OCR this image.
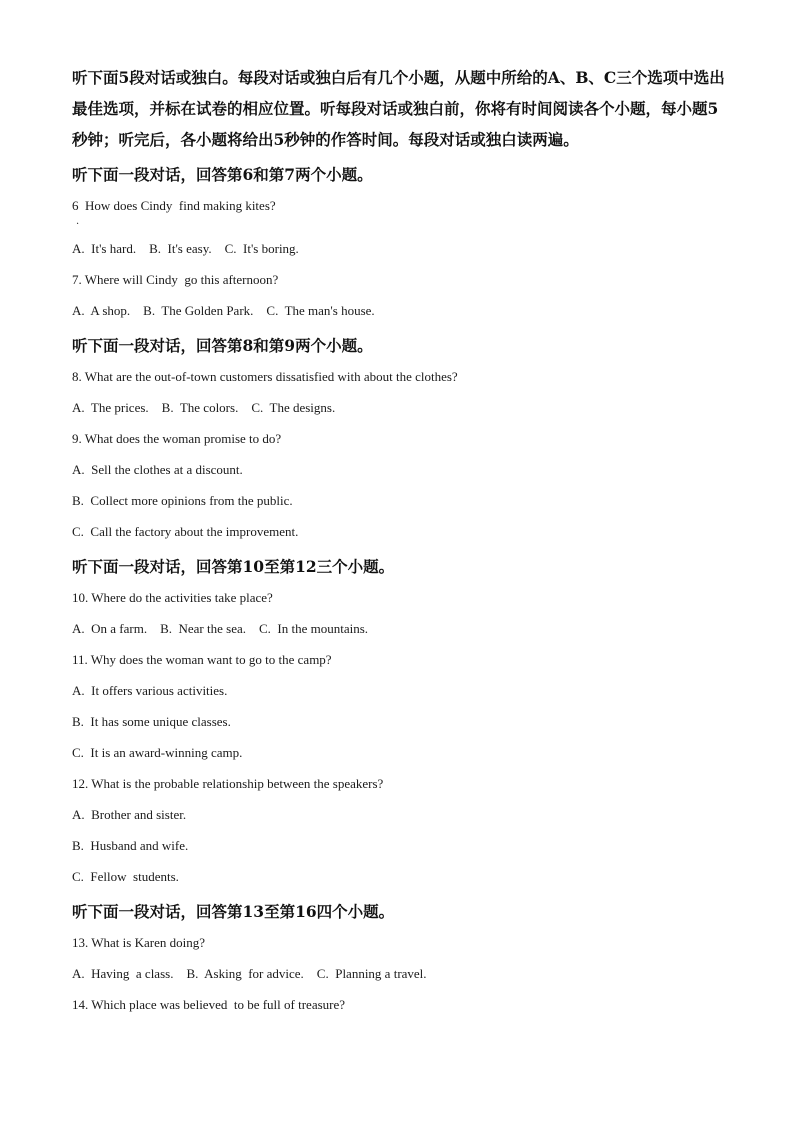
听下面5段对话或独白。每段对话或独白后有几个小题，从题中所给的A、B、C三个选项中选出最佳选项，并标在试卷的相应位置。听每段对话或独白前，你将有时间阅读各个小题，每小题5秒钟；听完后，各小题将给出5秒钟的作答时间。每段对话或独白读两遍。

听下面一段对话，回答第6和第7两个小题。

6  How does Cindy  find making kites?

·

A.  It's hard.    B.  It's easy.    C.  It's boring.

7. Where will Cindy  go this afternoon?

A.  A shop.    B.  The Golden Park.    C.  The man's house.

听下面一段对话，回答第8和第9两个小题。

8. What are the out-of-town customers dissatisfied with about the clothes?

A.  The prices.    B.  The colors.    C.  The designs.

9. What does the woman promise to do?

A.  Sell the clothes at a discount.

B.  Collect more opinions from the public.

C.  Call the factory about the improvement.

听下面一段对话，回答第10至第12三个小题。

10. Where do the activities take place?

A.  On a farm.    B.  Near the sea.    C.  In the mountains.

11. Why does the woman want to go to the camp?

A.  It offers various activities.

B.  It has some unique classes.

C.  It is an award-winning camp.

12. What is the probable relationship between the speakers?

A.  Brother and sister.

B.  Husband and wife.

C.  Fellow  students.

听下面一段对话，回答第13至第16四个小题。

13. What is Karen doing?

A.  Having  a class.    B.  Asking  for advice.    C.  Planning a travel.

14. Which place was believed  to be full of treasure?
